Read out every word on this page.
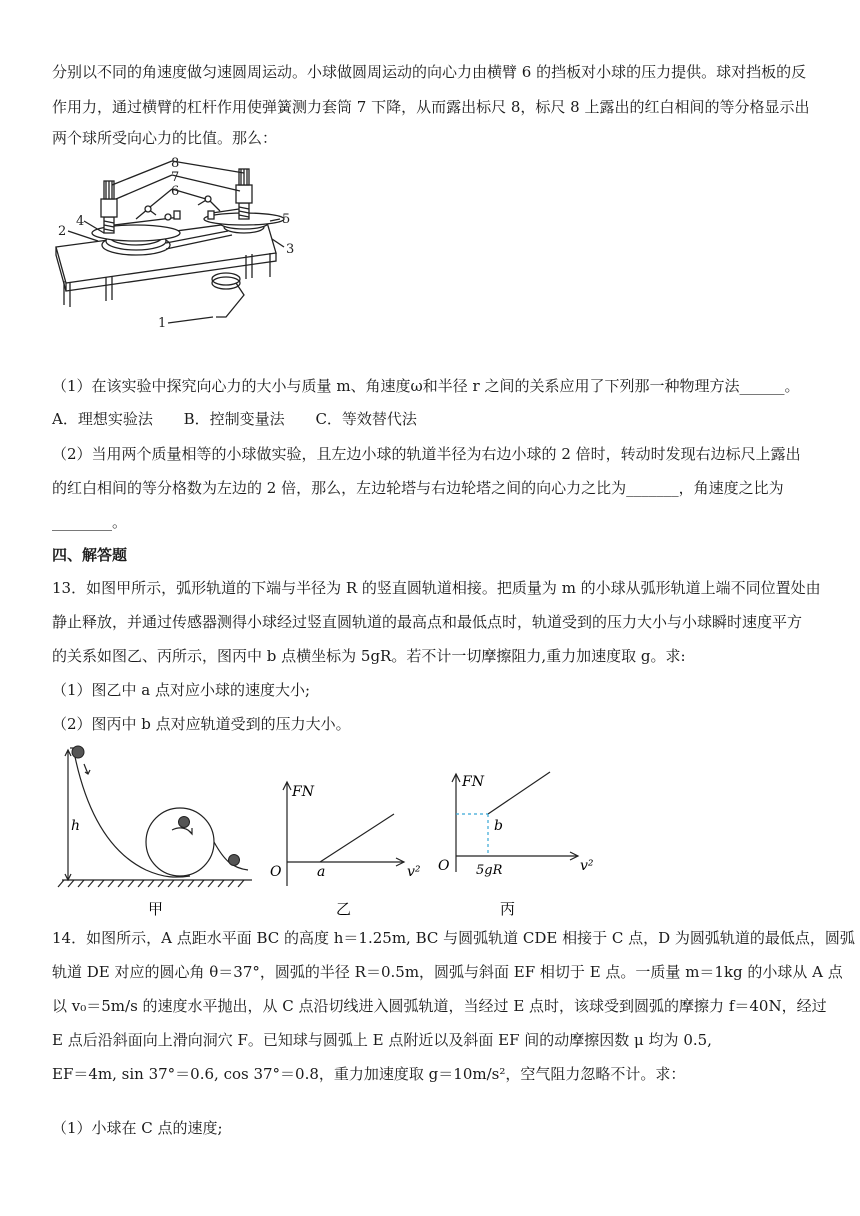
分别以不同的角速度做匀速圆周运动。小球做圆周运动的向心力由横臂 6 的挡板对小球的压力提供。球对挡板的反
作用力，通过横臂的杠杆作用使弹簧测力套筒 7 下降，从而露出标尺 8，标尺 8 上露出的红白相间的等分格显示出
两个球所受向心力的比值。那么：
8
7
6
4
2
5
3
1
（1）在该实验中探究向心力的大小与质量 m、角速度ω和半径 r 之间的关系应用了下列那一种物理方法______。
A．理想实验法 B．控制变量法 C．等效替代法
（2）当用两个质量相等的小球做实验，且左边小球的轨道半径为右边小球的 2 倍时，转动时发现右边标尺上露出
的红白相间的等分格数为左边的 2 倍，那么，左边轮塔与右边轮塔之间的向心力之比为_______，角速度之比为
________。
四、解答题
13．如图甲所示，弧形轨道的下端与半径为 R 的竖直圆轨道相接。把质量为 m 的小球从弧形轨道上端不同位置处由
静止释放，并通过传感器测得小球经过竖直圆轨道的最高点和最低点时，轨道受到的压力大小与小球瞬时速度平方
的关系如图乙、丙所示，图丙中 b 点横坐标为 5gR。若不计一切摩擦阻力,重力加速度取 g。求:
（1）图乙中 a 点对应小球的速度大小;
（2）图丙中 b 点对应轨道受到的压力大小。
h
甲
FN
v²
O	a
乙
FN
v²
O
b
5gR
丙
14．如图所示，A 点距水平面 BC 的高度 h＝1.25m, BC 与圆弧轨道 CDE 相接于 C 点，D 为圆弧轨道的最低点，圆弧
轨道 DE 对应的圆心角 θ＝37°，圆弧的半径 R＝0.5m，圆弧与斜面 EF 相切于 E 点。一质量 m＝1kg 的小球从 A 点
以 v₀＝5m/s 的速度水平抛出，从 C 点沿切线进入圆弧轨道，当经过 E 点时，该球受到圆弧的摩擦力 f＝40N，经过
E 点后沿斜面向上滑向洞穴 F。已知球与圆弧上 E 点附近以及斜面 EF 间的动摩擦因数 μ 均为 0.5,
EF＝4m, sin 37°＝0.6, cos 37°＝0.8，重力加速度取 g＝10m/s²，空气阻力忽略不计。求：
（1）小球在 C 点的速度;
